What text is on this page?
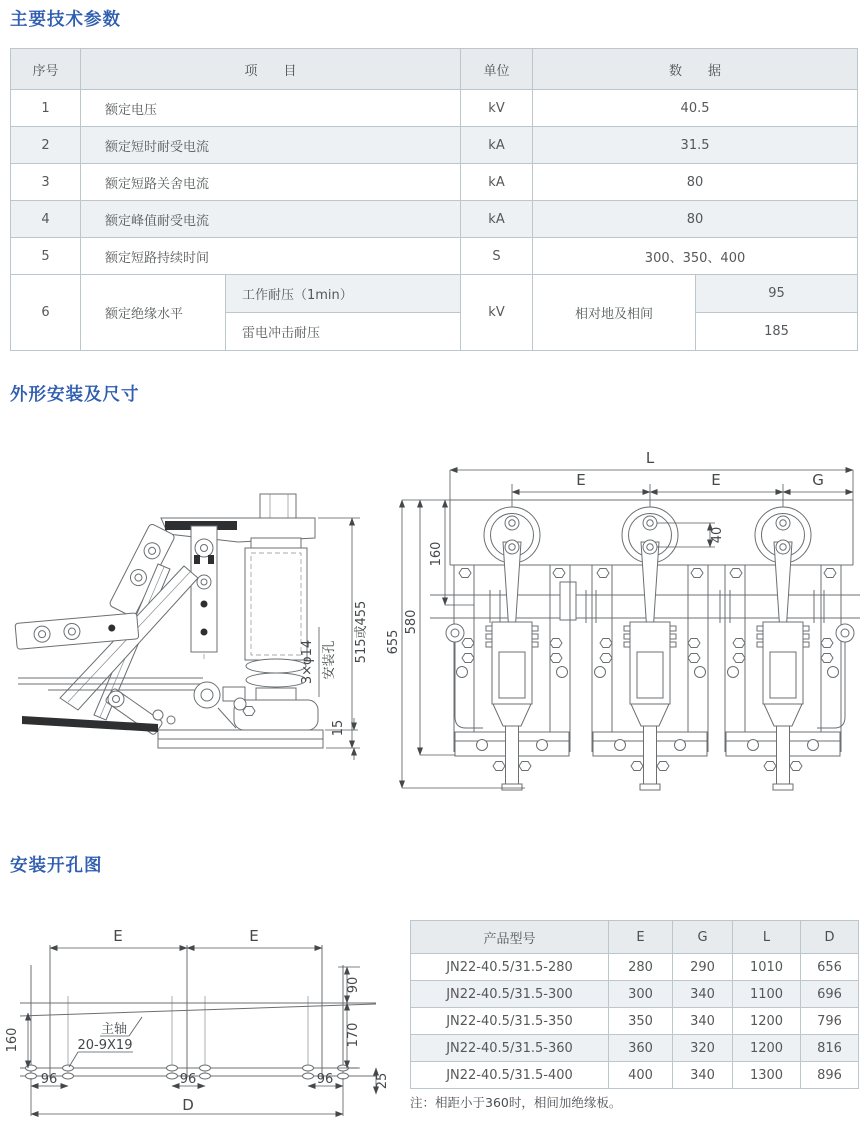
主要技术参数
序号	项　　目		单位	数　　据	
1	额定电压		kV	40.5	
2	额定短时耐受电流		kA	31.5	
3	额定短路关舍电流		kA	80	
4	额定峰值耐受电流		kA	80	
5	额定短路持续时间		S	300、350、400	
6	额定绝缘水平	工作耐压（1min）	kV	相对地及相间	95
		雷电冲击耐压			185
外形安装及尺寸
515或455
3×φ14 安装孔
15
L
E	E	G
655
580
160
40
安装开孔图
E	E
90
170
160
96	96	96	25
D
主轴
20-9X19
产品型号	E	G	L	D
JN22-40.5/31.5-280	280	290	1010	656
JN22-40.5/31.5-300	300	340	1100	696
JN22-40.5/31.5-350	350	340	1200	796
JN22-40.5/31.5-360	360	320	1200	816
JN22-40.5/31.5-400	400	340	1300	896
注：相距小于360时，相间加绝缘板。
